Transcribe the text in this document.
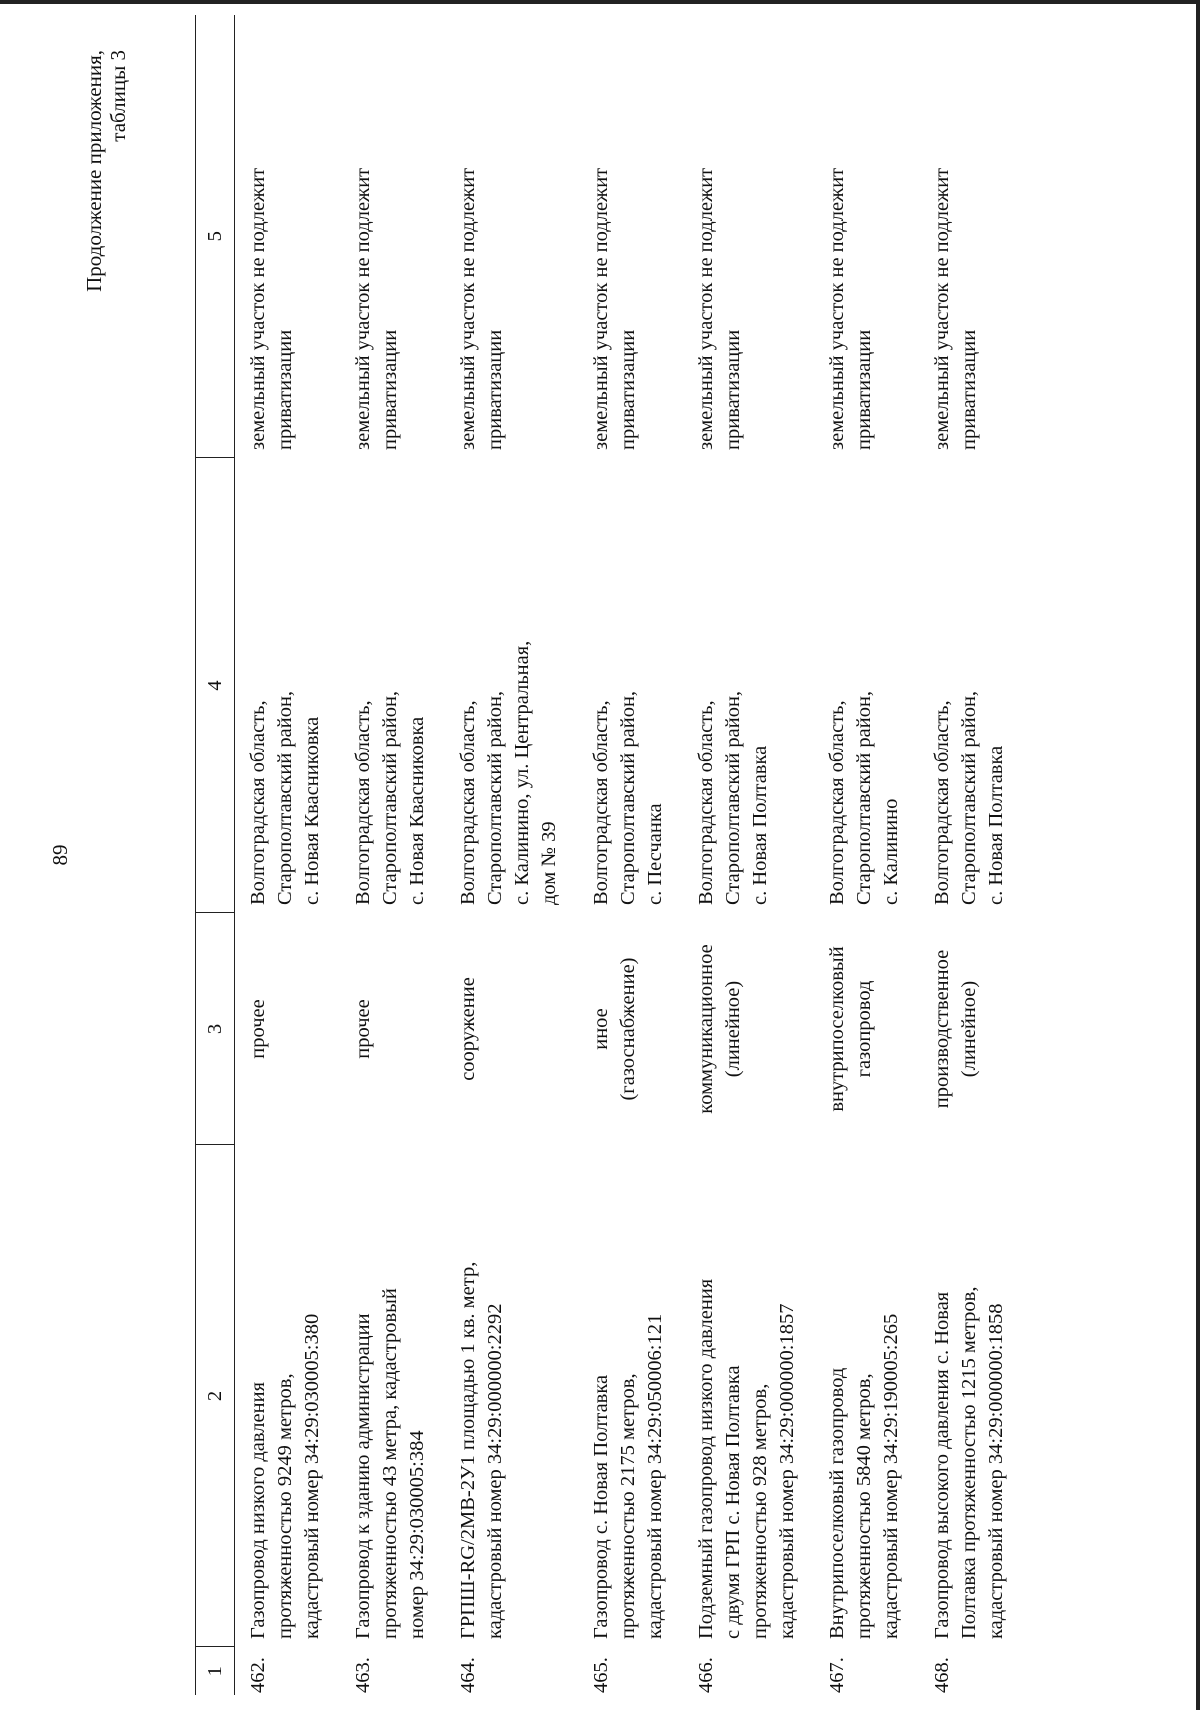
89
Продолжение приложения, таблицы 3
1	2	3	4	5
462.	Газопровод низкого давления протяженностью 9249 метров, кадастровый номер 34:29:030005:380	прочее	Волгоградская область, Старополтавский район, с. Новая Квасниковка	земельный участок не подлежит приватизации

463.	Газопровод к зданию администрации протяженностью 43 метра, кадастровый номер 34:29:030005:384	прочее	Волгоградская область, Старополтавский район, с. Новая Квасниковка	земельный участок не подлежит приватизации

464.	ГРПШ-RG/2МВ-2У1 площадью 1 кв. метр, кадастровый номер 34:29:000000:2292	сооружение	Волгоградская область, Старополтавский район, с. Калинино, ул. Центральная, дом № 39	земельный участок не подлежит приватизации

465.	Газопровод с. Новая Полтавка протяженностью 2175 метров, кадастровый номер 34:29:050006:121	иное (газоснабжение)	Волгоградская область, Старополтавский район, с. Песчанка	земельный участок не подлежит приватизации

466.	Подземный газопровод низкого давления с двумя ГРП с. Новая Полтавка протяженностью 928 метров, кадастровый номер 34:29:000000:1857	коммуникационное (линейное)	Волгоградская область, Старополтавский район, с. Новая Полтавка	земельный участок не подлежит приватизации

467.	Внутрипоселковый газопровод протяженностью 5840 метров, кадастровый номер 34:29:190005:265	внутрипоселковый газопровод	Волгоградская область, Старополтавский район, с. Калинино	земельный участок не подлежит приватизации

468.	Газопровод высокого давления с. Новая Полтавка протяженностью 1215 метров, кадастровый номер 34:29:000000:1858	производственное (линейное)	Волгоградская область, Старополтавский район, с. Новая Полтавка	земельный участок не подлежит приватизации
